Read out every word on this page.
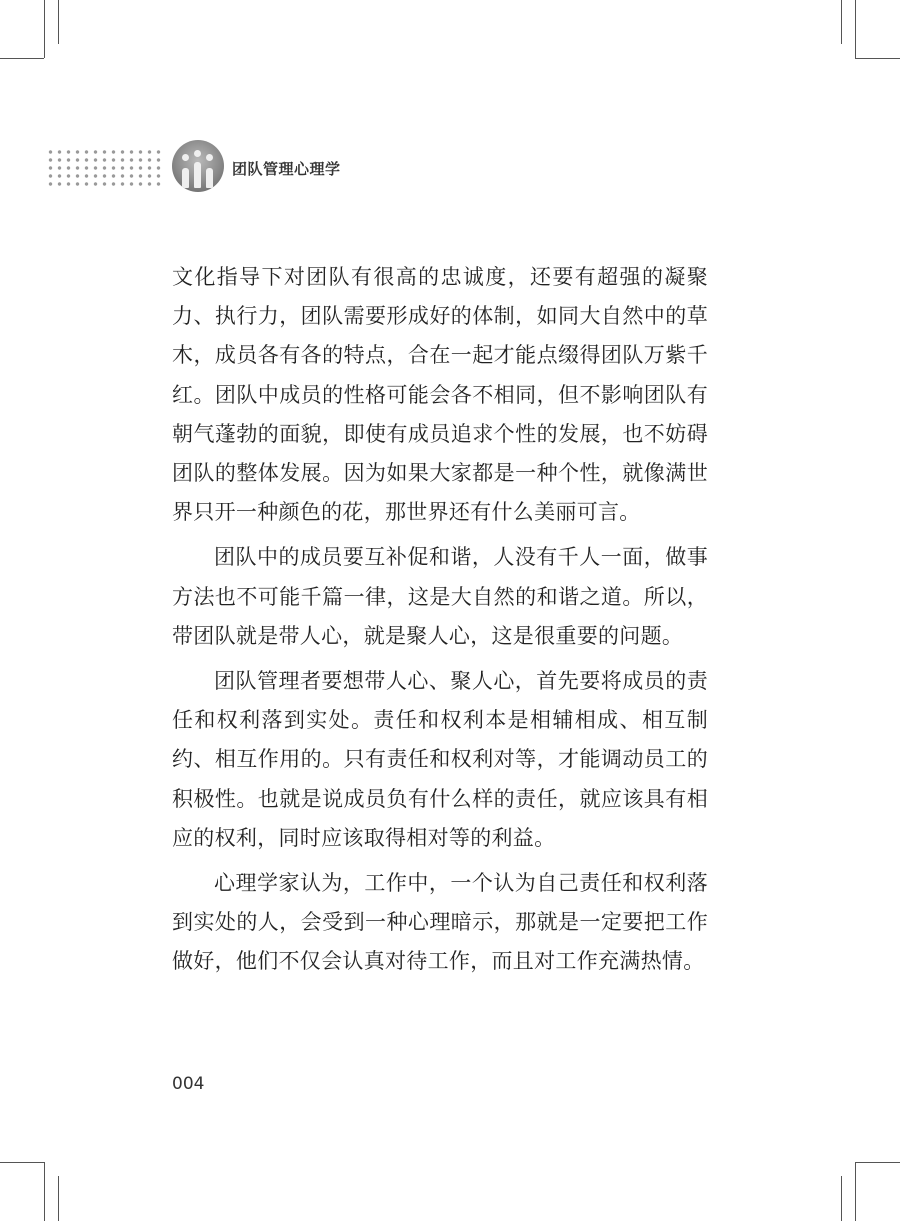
团队管理心理学

文化指导下对团队有很高的忠诚度，还要有超强的凝聚力、执行力，团队需要形成好的体制，如同大自然中的草木，成员各有各的特点，合在一起才能点缀得团队万紫千红。团队中成员的性格可能会各不相同，但不影响团队有朝气蓬勃的面貌，即使有成员追求个性的发展，也不妨碍团队的整体发展。因为如果大家都是一种个性，就像满世界只开一种颜色的花，那世界还有什么美丽可言。

团队中的成员要互补促和谐，人没有千人一面，做事方法也不可能千篇一律，这是大自然的和谐之道。所以，带团队就是带人心，就是聚人心，这是很重要的问题。

团队管理者要想带人心、聚人心，首先要将成员的责任和权利落到实处。责任和权利本是相辅相成、相互制约、相互作用的。只有责任和权利对等，才能调动员工的积极性。也就是说成员负有什么样的责任，就应该具有相应的权利，同时应该取得相对等的利益。

心理学家认为，工作中，一个认为自己责任和权利落到实处的人，会受到一种心理暗示，那就是一定要把工作做好，他们不仅会认真对待工作，而且对工作充满热情。

004
